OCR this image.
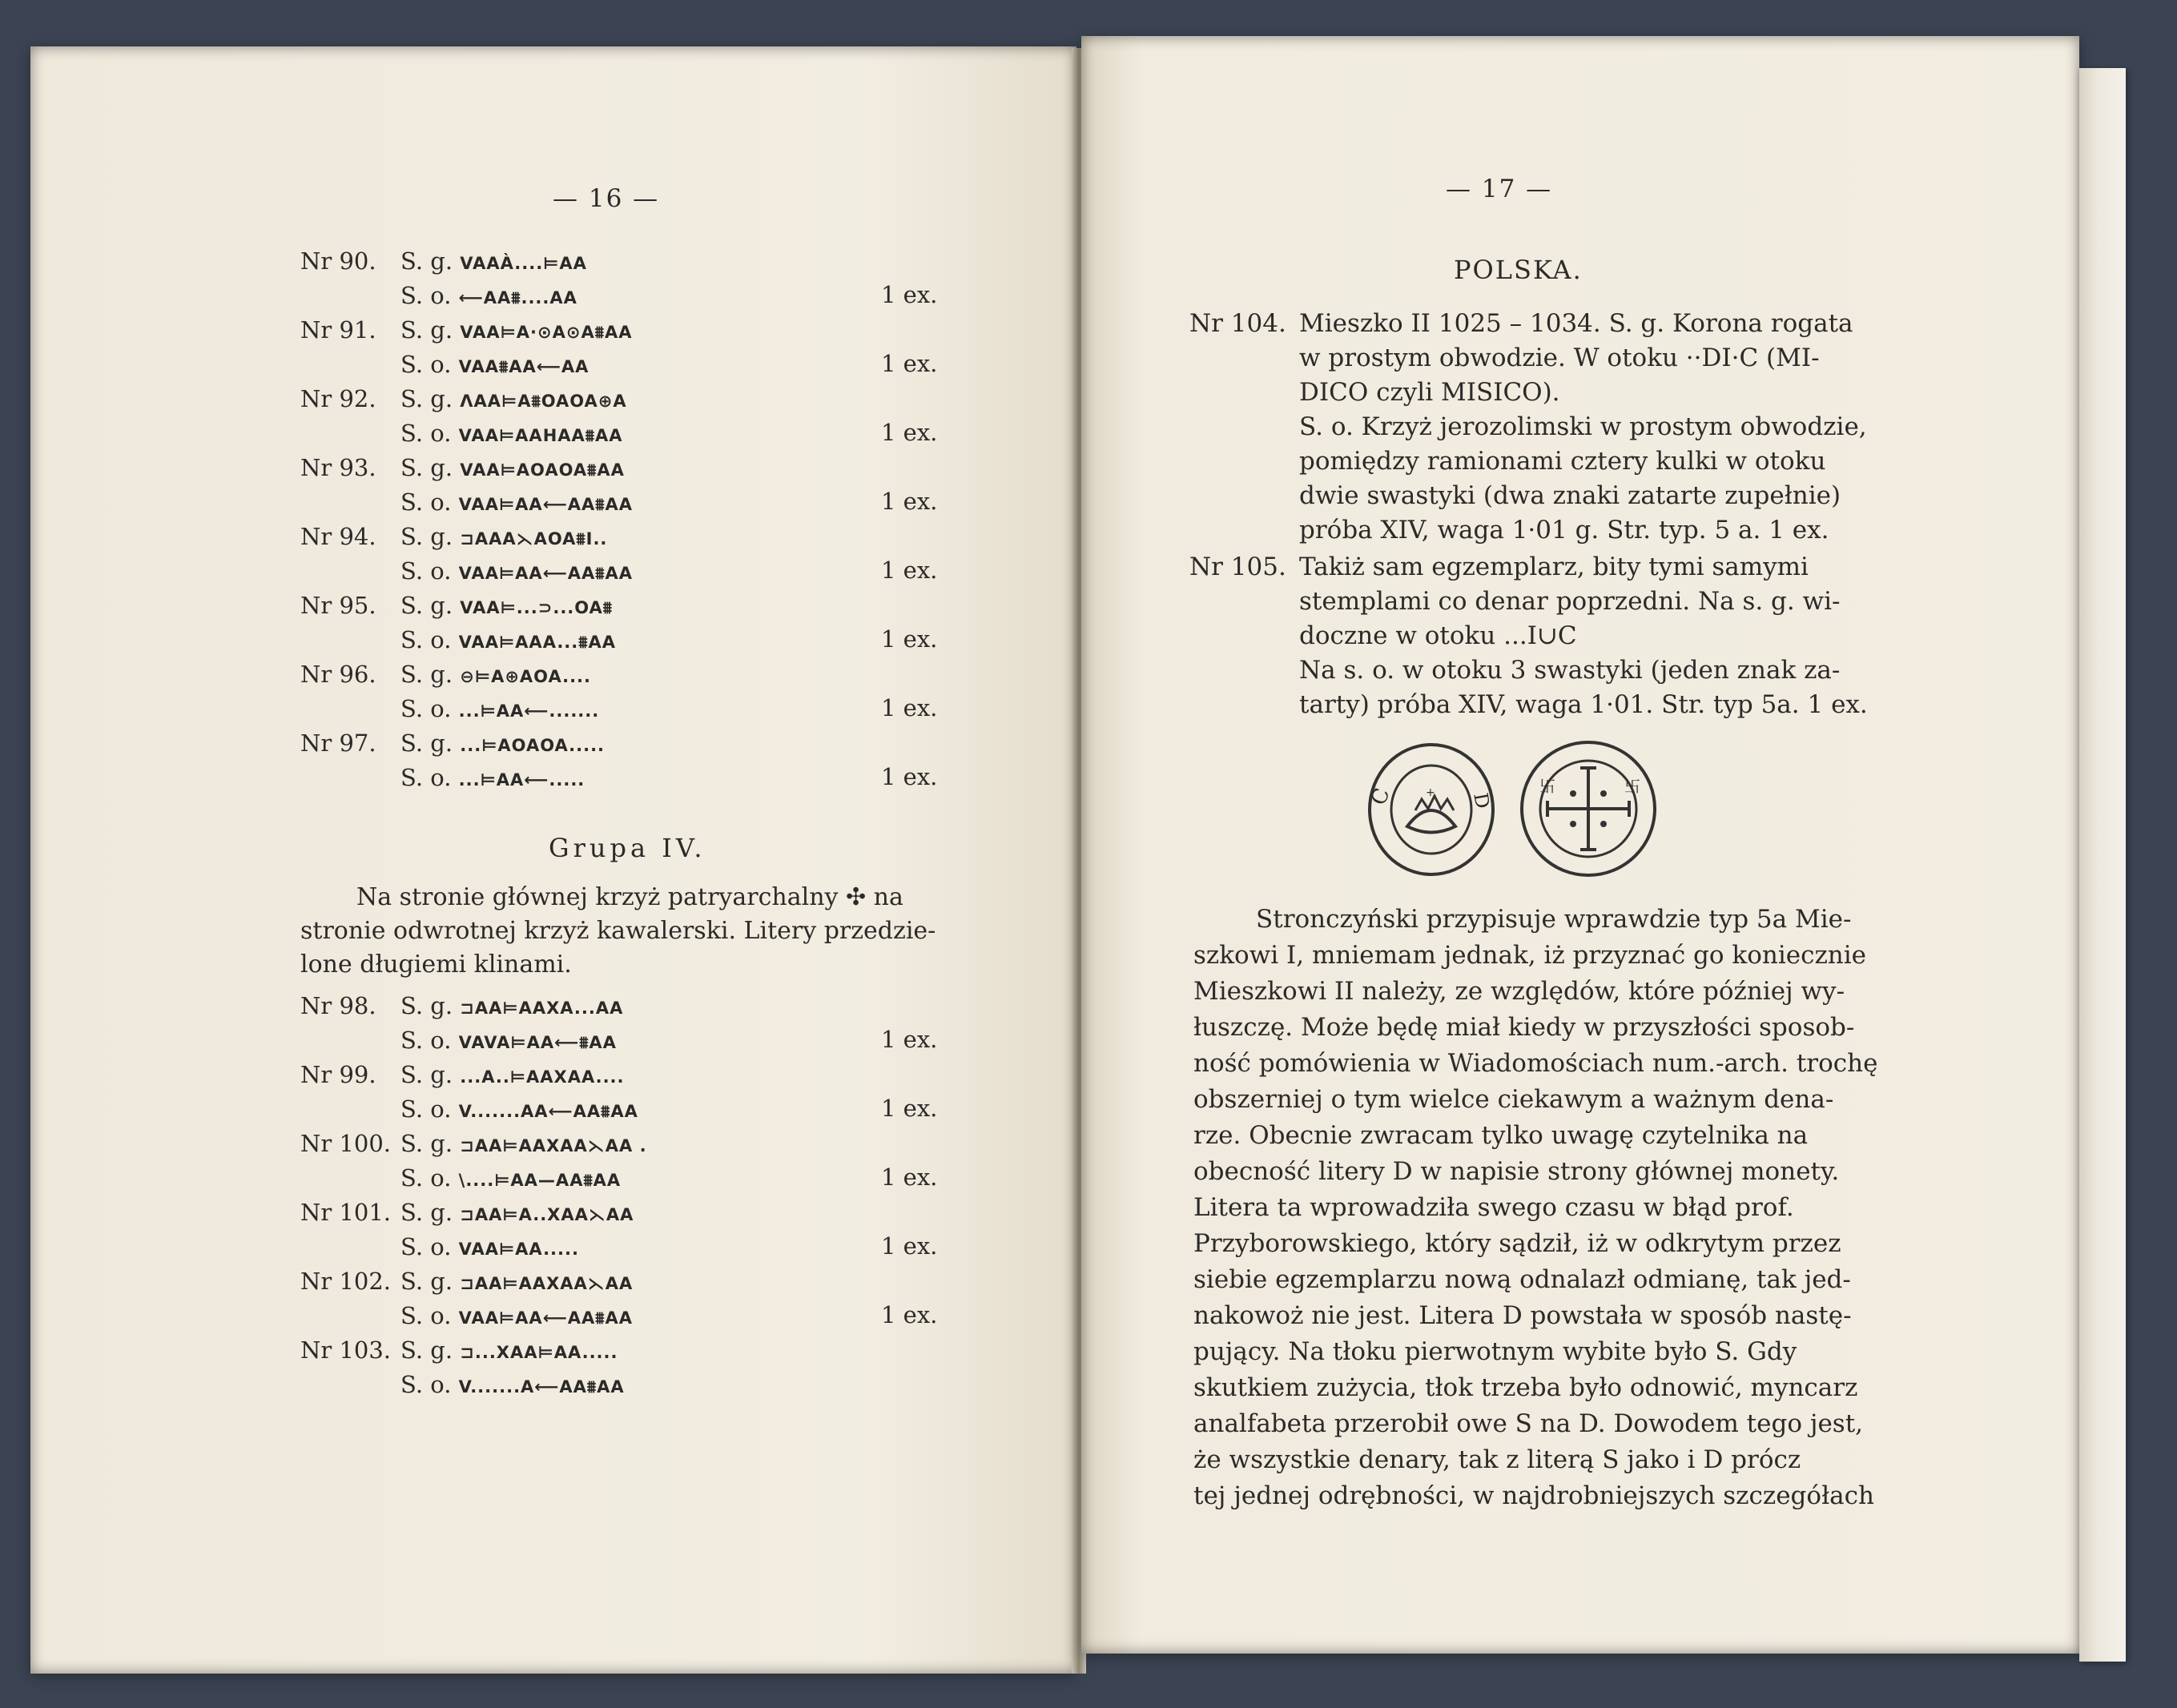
— 16 —
Nr 90. S. g. VAAÀ....⊨AA
S. o. ⟵AA⩩....AA	1 ex.
Nr 91. S. g. VAA⊨A·⊙A⊙A⩩AA
S. o. VAA⩩AA⟵AA	1 ex.
Nr 92. S. g. ΛAA⊨A⩩OAOA⊕A
S. o. VAA⊨AAHAA⩩AA	1 ex.
Nr 93. S. g. VAA⊨AOAOA⩩AA
S. o. VAA⊨AA⟵AA⩩AA	1 ex.
Nr 94. S. g. ⊐AAA⋋AOA⩩I..
S. o. VAA⊨AA⟵AA⩩AA	1 ex.
Nr 95. S. g. VAA⊨...⊃...OA⩩
S. o. VAA⊨AAA...⩩AA	1 ex.
Nr 96. S. g. ⊖⊨A⊕AOA....
S. o. ...⊨AA⟵.......	1 ex.
Nr 97. S. g. ...⊨AOAOA.....
S. o. ...⊨AA⟵.....	1 ex.
Grupa IV.
Na stronie głównej krzyż patryarchalny ✣ na
stronie odwrotnej krzyż kawalerski. Litery przedzie-
lone długiemi klinami.
Nr 98. S. g. ⊐AA⊨AAXA...AA
S. o. VAVA⊨AA⟵⩩AA	1 ex.
Nr 99. S. g. ...A..⊨AAXAA....
S. o. V.......AA⟵AA⩩AA	1 ex.
Nr 100. S. g. ⊐AA⊨AAXAA⋋AA .
S. o. \....⊨AA—AA⩩AA	1 ex.
Nr 101. S. g. ⊐AA⊨A..XAA⋋AA
S. o. VAA⊨AA.....	1 ex.
Nr 102. S. g. ⊐AA⊨AAXAA⋋AA
S. o. VAA⊨AA⟵AA⩩AA	1 ex.
Nr 103. S. g. ⊐...XAA⊨AA.....
S. o. V.......A⟵AA⩩AA
— 17 —
POLSKA.
Nr 104. Mieszko II 1025 – 1034. S. g. Korona rogata
w prostym obwodzie. W otoku ··DI·C (MI-
DICO czyli MISICO).
S. o. Krzyż jerozolimski w prostym obwodzie,
pomiędzy ramionami cztery kulki w otoku
dwie swastyki (dwa znaki zatarte zupełnie)
próba XIV, waga 1·01 g. Str. typ. 5 a. 1 ex.
Nr 105. Takiż sam egzemplarz, bity tymi samymi
stemplami co denar poprzedni. Na s. g. wi-
doczne w otoku ...I∪C
Na s. o. w otoku 3 swastyki (jeden znak za-
tarty) próba XIV, waga 1·01. Str. typ 5a. 1 ex.
+
C	D
卐	卐
Stronczyński przypisuje wprawdzie typ 5a Mie-
szkowi I, mniemam jednak, iż przyznać go koniecznie
Mieszkowi II należy, ze względów, które później wy-
łuszczę. Może będę miał kiedy w przyszłości sposob-
ność pomówienia w Wiadomościach num.-arch. trochę
obszerniej o tym wielce ciekawym a ważnym dena-
rze. Obecnie zwracam tylko uwagę czytelnika na
obecność litery D w napisie strony głównej monety.
Litera ta wprowadziła swego czasu w błąd prof.
Przyborowskiego, który sądził, iż w odkrytym przez
siebie egzemplarzu nową odnalazł odmianę, tak jed-
nakowoż nie jest. Litera D powstała w sposób nastę-
pujący. Na tłoku pierwotnym wybite było S. Gdy
skutkiem zużycia, tłok trzeba było odnowić, myncarz
analfabeta przerobił owe S na D. Dowodem tego jest,
że wszystkie denary, tak z literą S jako i D prócz
tej jednej odrębności, w najdrobniejszych szczegółach
